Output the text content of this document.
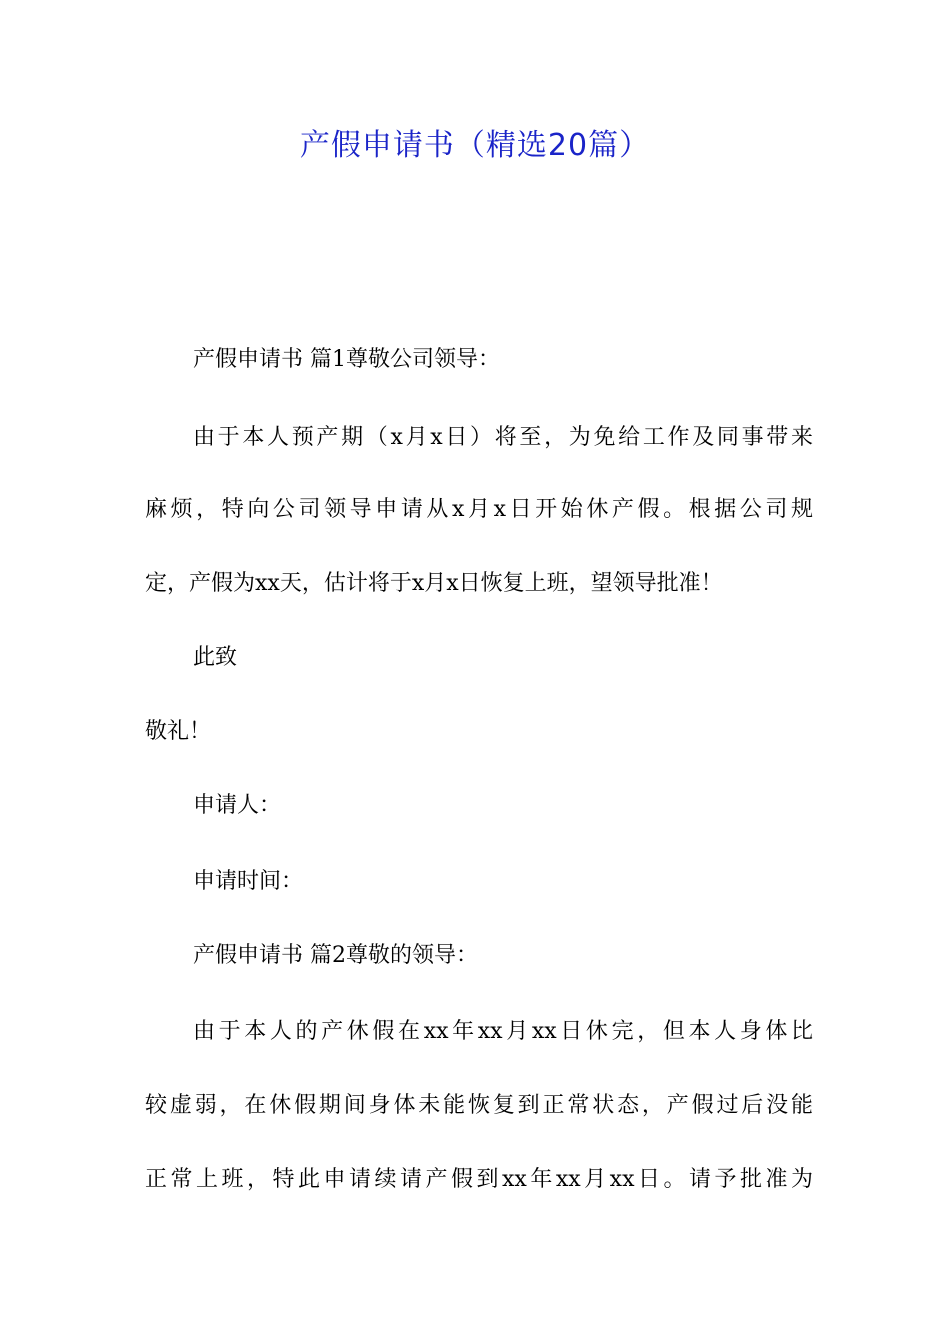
产假申请书（精选20篇）
产假申请书 篇1尊敬公司领导：
由于本人预产期（x月x日）将至，为免给工作及同事带来
麻烦，特向公司领导申请从x月x日开始休产假。根据公司规
定，产假为xx天，估计将于x月x日恢复上班，望领导批准！
此致
敬礼！
申请人：
申请时间：
产假申请书 篇2尊敬的领导：
由于本人的产休假在xx年xx月xx日休完，但本人身体比
较虚弱，在休假期间身体未能恢复到正常状态，产假过后没能
正常上班，特此申请续请产假到xx年xx月xx日。请予批准为
